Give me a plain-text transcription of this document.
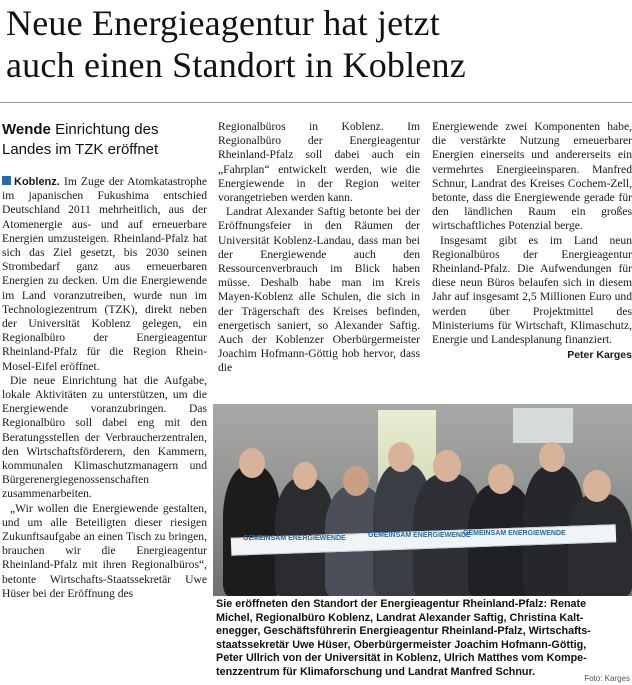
Neue Energieagentur hat jetzt
auch einen Standort in Koblenz
Wende Einrichtung des Landes im TZK eröffnet

Koblenz. Im Zuge der Atomkatastrophe im japanischen Fukushima entschied Deutschland 2011 mehrheitlich, aus der Atomenergie aus- und auf erneuerbare Energien umzusteigen. Rheinland-Pfalz hat sich das Ziel gesetzt, bis 2030 seinen Strombedarf ganz aus erneuerbaren Energien zu decken. Um die Energiewende im Land voranzutreiben, wurde nun im Technologiezentrum (TZK), direkt neben der Universität Koblenz gelegen, ein Regionalbüro der Energieagentur Rheinland-Pfalz für die Region Rhein-Mosel-Eifel eröffnet.

Die neue Einrichtung hat die Aufgabe, lokale Aktivitäten zu unterstützen, um die Energiewende voranzubringen. Das Regionalbüro soll dabei eng mit den Beratungsstellen der Verbraucherzentralen, den Wirtschaftsförderern, den Kammern, kommunalen Klimaschutzmanagern und Bürgerenergiegenossenschaften zusammenarbeiten.

„Wir wollen die Energiewende gestalten, und um alle Beteiligten dieser riesigen Zukunftsaufgabe an einen Tisch zu bringen, brauchen wir die Energieagentur Rheinland-Pfalz mit ihren Regionalbüros“, betonte Wirtschafts-Staatssekretär Uwe Hüser bei der Eröffnung des

Regionalbüros in Koblenz. Im Regionalbüro der Energieagentur Rheinland-Pfalz soll dabei auch ein „Fahrplan“ entwickelt werden, wie die Energiewende in der Region weiter vorangetrieben werden kann.

Landrat Alexander Saftig betonte bei der Eröffnungsfeier in den Räumen der Universität Koblenz-Landau, dass man bei der Energiewende auch den Ressourcenverbrauch im Blick haben müsse. Deshalb habe man im Kreis Mayen-Koblenz alle Schulen, die sich in der Trägerschaft des Kreises befinden, energetisch saniert, so Alexander Saftig. Auch der Koblenzer Oberbürgermeister Joachim Hofmann-Göttig hob hervor, dass die

Energiewende zwei Komponenten habe, die verstärkte Nutzung erneuerbarer Energien einerseits und andererseits ein vermehrtes Energieeinsparen. Manfred Schnur, Landrat des Kreises Cochem-Zell, betonte, dass die Energiewende gerade für den ländlichen Raum ein großes wirtschaftliches Potenzial berge.

Insgesamt gibt es im Land neun Regionalbüros der Energieagentur Rheinland-Pfalz. Die Aufwendungen für diese neun Büros belaufen sich in diesem Jahr auf insgesamt 2,5 Millionen Euro und werden über Projektmittel des Ministeriums für Wirtschaft, Klimaschutz, Energie und Landesplanung finanziert.

Peter Karges
GEMEINSAM ENERGIEWENDE	GEMEINSAM ENERGIEWENDE
GEMEINSAM ENERGIEWENDE
Sie eröffneten den Standort der Energieagentur Rheinland-Pfalz: Renate
Michel, Regionalbüro Koblenz, Landrat Alexander Saftig, Christina Kalt-
enegger, Geschäftsführerin Energieagentur Rheinland-Pfalz, Wirtschafts-
staatssekretär Uwe Hüser, Oberbürgermeister Joachim Hofmann-Göttig,
Peter Ullrich von der Universität in Koblenz, Ulrich Matthes vom Kompe-
tenzzentrum für Klimaforschung und Landrat Manfred Schnur.
Foto: Karges
